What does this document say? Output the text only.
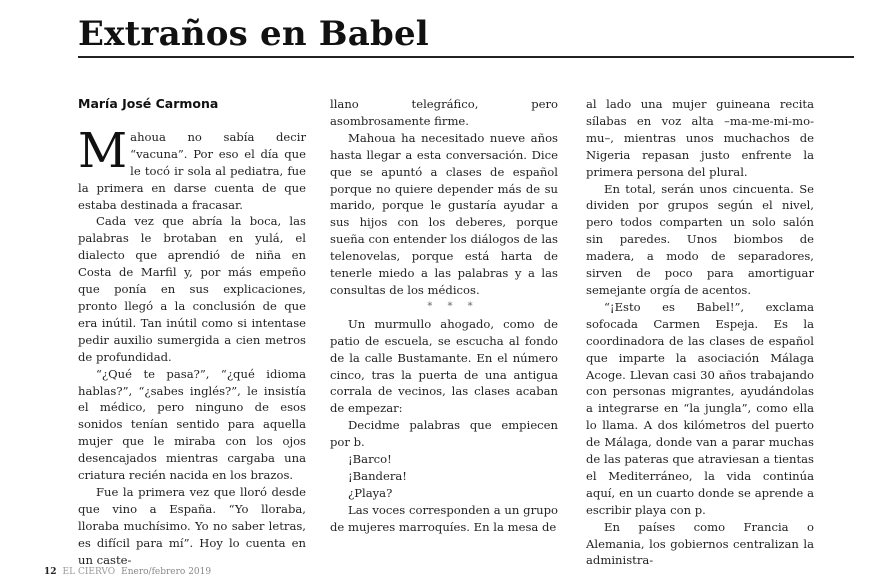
Extraños en Babel
María José Carmona

Mahoua no sabía decir “vacuna”. Por eso el día que le tocó ir sola al pediatra, fue la primera en darse cuenta de que estaba destinada a fracasar.

Cada vez que abría la boca, las palabras le brotaban en yulá, el dialecto que aprendió de niña en Costa de Marfil y, por más empeño que ponía en sus explicaciones, pronto llegó a la conclusión de que era inútil. Tan inútil como si intentase pedir auxilio sumergida a cien metros de profundidad.

“¿Qué te pasa?”, “¿qué idioma hablas?”, “¿sabes inglés?”, le insistía el médico, pero ninguno de esos sonidos tenían sentido para aquella mujer que le miraba con los ojos desencajados mientras cargaba una criatura recién nacida en los brazos.

Fue la primera vez que lloró desde que vino a España. “Yo lloraba, lloraba muchísimo. Yo no saber letras, es difícil para mí”. Hoy lo cuenta en un caste-

llano telegráfico, pero asombrosamente firme.

Mahoua ha necesitado nueve años hasta llegar a esta conversación. Dice que se apuntó a clases de español porque no quiere depender más de su marido, porque le gustaría ayudar a sus hijos con los deberes, porque sueña con entender los diálogos de las telenovelas, porque está harta de tenerle miedo a las palabras y a las consultas de los médicos.

* * *

Un murmullo ahogado, como de patio de escuela, se escucha al fondo de la calle Bustamante. En el número cinco, tras la puerta de una antigua corrala de vecinos, las clases acaban de empezar:

Decidme palabras que empiecen por b.

¡Barco!

¡Bandera!

¿Playa?

Las voces corresponden a un grupo de mujeres marroquíes. En la mesa de

al lado una mujer guineana recita sílabas en voz alta –ma-me-mi-mo-mu–, mientras unos muchachos de Nigeria repasan justo enfrente la primera persona del plural.

En total, serán unos cincuenta. Se dividen por grupos según el nivel, pero todos comparten un solo salón sin paredes. Unos biombos de madera, a modo de separadores, sirven de poco para amortiguar semejante orgía de acentos.

“¡Esto es Babel!”, exclama sofocada Carmen Espeja. Es la coordinadora de las clases de español que imparte la asociación Málaga Acoge. Llevan casi 30 años trabajando con personas migrantes, ayudándolas a integrarse en “la jungla”, como ella lo llama. A dos kilómetros del puerto de Málaga, donde van a parar muchas de las pateras que atraviesan a tientas el Mediterráneo, la vida continúa aquí, en un cuarto donde se aprende a escribir playa con p.

En países como Francia o Alemania, los gobiernos centralizan la administra-

12 EL CIERVO Enero/febrero 2019
